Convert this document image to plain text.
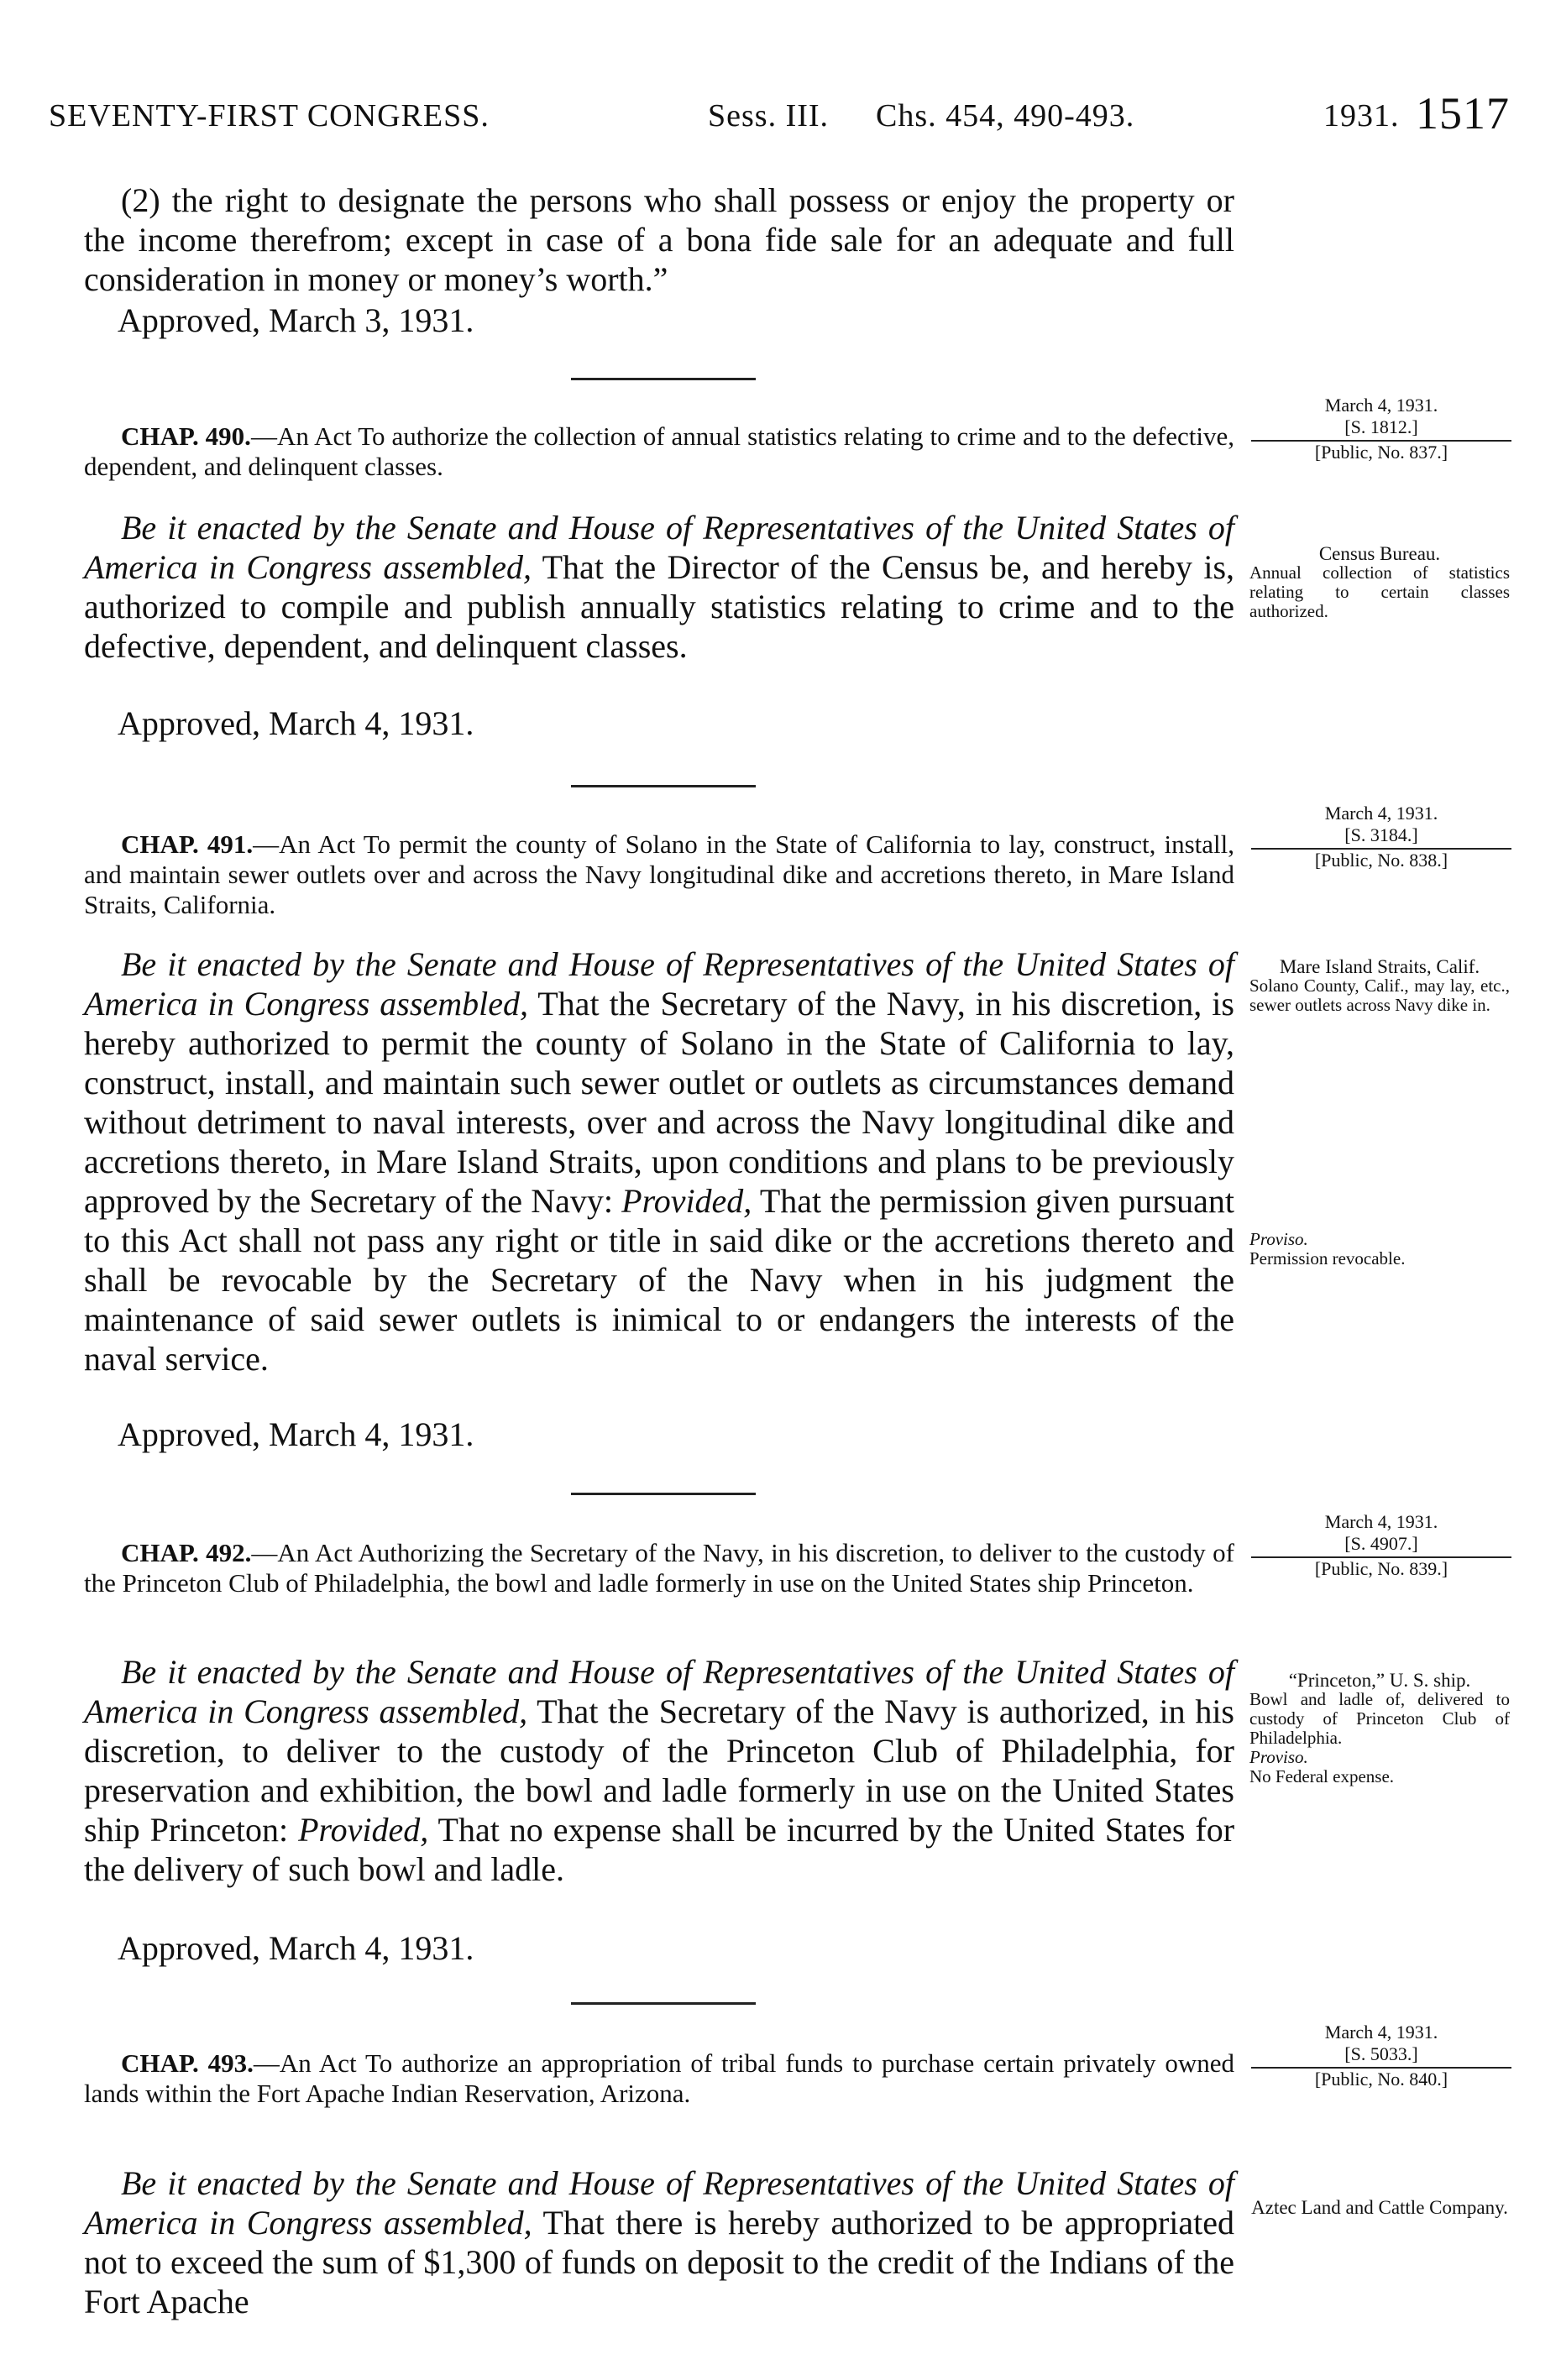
SEVENTY-FIRST CONGRESS.	Sess. III. Chs. 454, 490-493.	1931. 1517
(2) the right to designate the persons who shall possess or enjoy the property or the income therefrom; except in case of a bona fide sale for an adequate and full consideration in money or money’s worth.”
Approved, March 3, 1931.
March 4, 1931.
[S. 1812.]
[Public, No. 837.]
CHAP. 490.—An Act To authorize the collection of annual statistics relating to crime and to the defective, dependent, and delinquent classes.
Be it enacted by the Senate and House of Representatives of the United States of America in Congress assembled, That the Director of the Census be, and hereby is, authorized to compile and publish annually statistics relating to crime and to the defective, dependent, and delinquent classes.
Approved, March 4, 1931.
Census Bureau.
Annual collection of statistics relating to certain classes authorized.
March 4, 1931.
[S. 3184.]
[Public, No. 838.]
CHAP. 491.—An Act To permit the county of Solano in the State of California to lay, construct, install, and maintain sewer outlets over and across the Navy longitudinal dike and accretions thereto, in Mare Island Straits, California.
Be it enacted by the Senate and House of Representatives of the United States of America in Congress assembled, That the Secretary of the Navy, in his discretion, is hereby authorized to permit the county of Solano in the State of California to lay, construct, install, and maintain such sewer outlet or outlets as circumstances demand without detriment to naval interests, over and across the Navy longitudinal dike and accretions thereto, in Mare Island Straits, upon conditions and plans to be previously approved by the Secretary of the Navy: Provided, That the permission given pursuant to this Act shall not pass any right or title in said dike or the accretions thereto and shall be revocable by the Secretary of the Navy when in his judgment the maintenance of said sewer outlets is inimical to or endangers the interests of the naval service.
Approved, March 4, 1931.
Mare Island Straits, Calif.
Solano County, Calif., may lay, etc., sewer outlets across Navy dike in.
Proviso.
Permission revocable.
March 4, 1931.
[S. 4907.]
[Public, No. 839.]
CHAP. 492.—An Act Authorizing the Secretary of the Navy, in his discretion, to deliver to the custody of the Princeton Club of Philadelphia, the bowl and ladle formerly in use on the United States ship Princeton.
Be it enacted by the Senate and House of Representatives of the United States of America in Congress assembled, That the Secretary of the Navy is authorized, in his discretion, to deliver to the custody of the Princeton Club of Philadelphia, for preservation and exhibition, the bowl and ladle formerly in use on the United States ship Princeton: Provided, That no expense shall be incurred by the United States for the delivery of such bowl and ladle.
Approved, March 4, 1931.
“Princeton,” U. S. ship.
Bowl and ladle of, delivered to custody of Princeton Club of Philadelphia.
Proviso.
No Federal expense.
March 4, 1931.
[S. 5033.]
[Public, No. 840.]
CHAP. 493.—An Act To authorize an appropriation of tribal funds to purchase certain privately owned lands within the Fort Apache Indian Reservation, Arizona.
Be it enacted by the Senate and House of Representatives of the United States of America in Congress assembled, That there is hereby authorized to be appropriated not to exceed the sum of $1,300 of funds on deposit to the credit of the Indians of the Fort Apache
Aztec Land and Cattle Company.
